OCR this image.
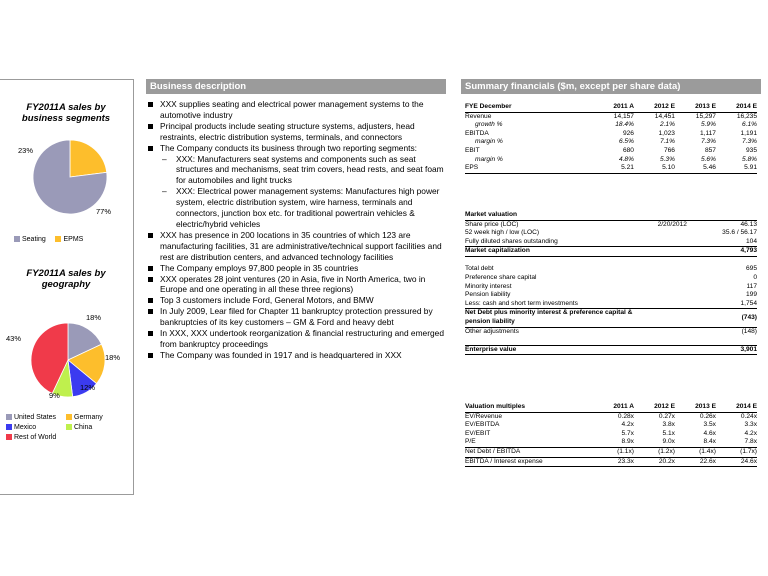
Business description	Summary financials ($m, except per share data)
FY2011A sales by business segments
23%
77%
Seating	EPMS
FY2011A sales by geography
18%
18%
12%
9%
43%
United States	Germany
Mexico	China
Rest of World
XXX supplies seating and electrical power management systems to the automotive industry
Principal products include seating structure systems, adjusters, head restraints, electric distribution systems, terminals, and connectors
The Company conducts its business through two reporting segments:
– XXX: Manufacturers seat systems and components such as seat structures and mechanisms, seat trim covers, head rests, and seat foam for automobiles and light trucks
– XXX: Electrical power management systems: Manufactures high power system, electric distribution system, wire harness, terminals and connectors, junction box etc. for traditional powertrain vehicles & electric/hybrid vehicles
XXX has presence in 200 locations in 35 countries of which 123 are manufacturing facilities, 31 are administrative/technical support facilities and rest are distribution centers, and advanced technology facilities
The Company employs 97,800 people in 35 countries
XXX operates 28 joint ventures (20 in Asia, five in North America, two in Europe and one operating in all these three regions)
Top 3 customers include Ford, General Motors, and BMW
In July 2009, Lear filed for Chapter 11 bankruptcy protection pressured by bankruptcies of its key customers – GM & Ford and heavy debt
In XXX, XXX undertook reorganization & financial restructuring and emerged from bankruptcy proceedings
The Company was founded in 1917 and is headquartered in XXX
FYE December	2011 A	2012 E	2013 E	2014 E
Revenue	14,157	14,451	15,297	16,235
growth %	18.4%	2.1%	5.9%	6.1%
EBITDA	926	1,023	1,117	1,191
margin %	6.5%	7.1%	7.3%	7.3%
EBIT	680	766	857	935
margin %	4.8%	5.3%	5.6%	5.8%
EPS	5.21	5.10	5.46	5.91
Market valuation		
Share price (LOC)	2/20/2012	46.13
52 week high / low (LOC)		35.6 / 56.17
Fully diluted shares outstanding		104
Market capitalization		4,793

Total debt		695
Preference share capital		0
Minority interest		117
Pension liability		199
Less: cash and short term investments		1,754
Net Debt plus minority interest & preference capital & pension liability		(743)
Other adjustments		(148)

Enterprise value		3,901
Valuation multiples	2011 A	2012 E	2013 E	2014 E
EV/Revenue	0.28x	0.27x	0.26x	0.24x
EV/EBITDA	4.2x	3.8x	3.5x	3.3x
EV/EBIT	5.7x	5.1x	4.6x	4.2x
P/E	8.9x	9.0x	8.4x	7.8x
Net Debt / EBITDA	(1.1x)	(1.2x)	(1.4x)	(1.7x)
EBITDA / Interest expense	23.3x	20.2x	22.6x	24.6x
